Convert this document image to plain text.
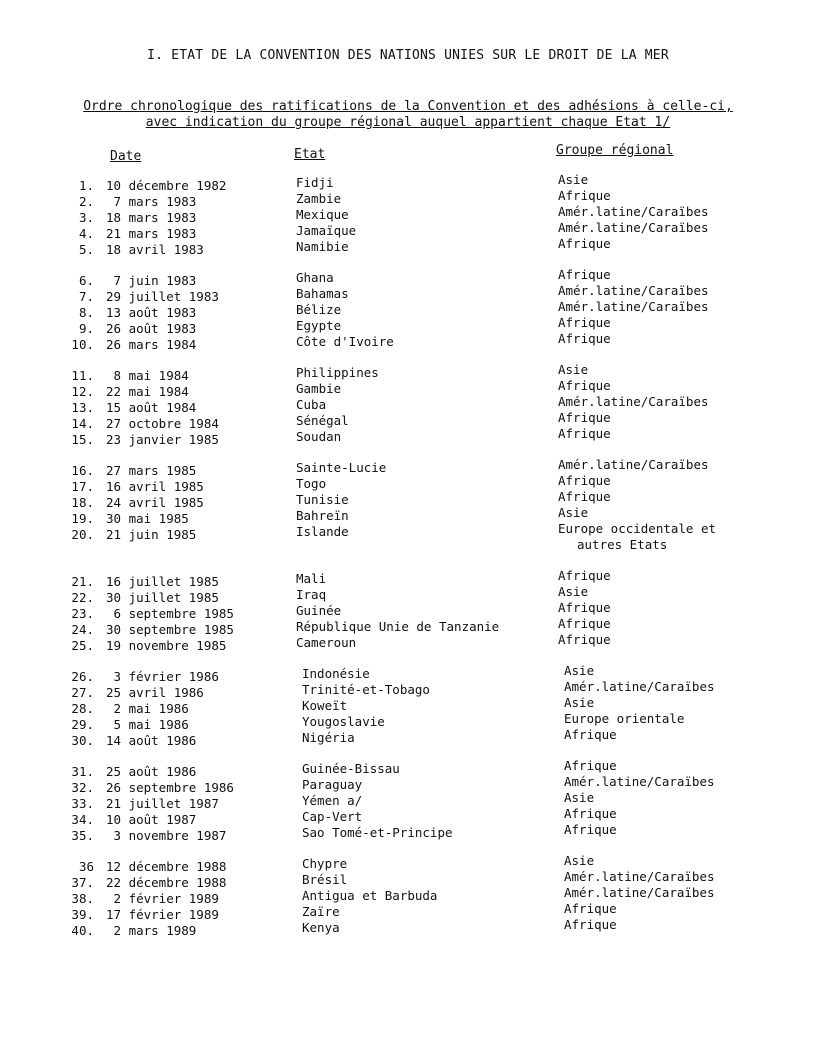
I. ETAT DE LA CONVENTION DES NATIONS UNIES SUR LE DROIT DE LA MER
Ordre chronologique des ratifications de la Convention et des adhésions à celle-ci,
avec indication du groupe régional auquel appartient chaque Etat 1/
Date	Etat	Groupe régional
1. 10 décembre 1982	Fidji	Asie
2. 7 mars 1983	Zambie	Afrique
3. 18 mars 1983	Mexique	Amér.latine/Caraïbes
4. 21 mars 1983	Jamaïque	Amér.latine/Caraïbes
5. 18 avril 1983	Namibie	Afrique
6. 7 juin 1983	Ghana	Afrique
7. 29 juillet 1983	Bahamas	Amér.latine/Caraïbes
8. 13 août 1983	Bélize	Amér.latine/Caraïbes
9. 26 août 1983	Egypte	Afrique
10. 26 mars 1984	Côte d'Ivoire	Afrique
11. 8 mai 1984	Philippines	Asie
12. 22 mai 1984	Gambie	Afrique
13. 15 août 1984	Cuba	Amér.latine/Caraïbes
14. 27 octobre 1984	Sénégal	Afrique
15. 23 janvier 1985	Soudan	Afrique
16. 27 mars 1985	Sainte-Lucie	Amér.latine/Caraïbes
17. 16 avril 1985	Togo	Afrique
18. 24 avril 1985	Tunisie	Afrique
19. 30 mai 1985	Bahreïn	Asie
20. 21 juin 1985	Islande	Europe occidentale et
autres Etats
21. 16 juillet 1985	Mali	Afrique
22. 30 juillet 1985	Iraq	Asie
23. 6 septembre 1985	Guinée	Afrique
24. 30 septembre 1985	République Unie de Tanzanie	Afrique
25. 19 novembre 1985	Cameroun	Afrique
26. 3 février 1986	Indonésie	Asie
27. 25 avril 1986	Trinité-et-Tobago	Amér.latine/Caraïbes
28. 2 mai 1986	Koweït	Asie
29. 5 mai 1986	Yougoslavie	Europe orientale
30. 14 août 1986	Nigéria	Afrique
31. 25 août 1986	Guinée-Bissau	Afrique
32. 26 septembre 1986	Paraguay	Amér.latine/Caraïbes
33. 21 juillet 1987	Yémen a/	Asie
34. 10 août 1987	Cap-Vert	Afrique
35. 3 novembre 1987	Sao Tomé-et-Principe	Afrique
36 12 décembre 1988	Chypre	Asie
37. 22 décembre 1988	Brésil	Amér.latine/Caraïbes
38. 2 février 1989	Antigua et Barbuda	Amér.latine/Caraïbes
39. 17 février 1989	Zaïre	Afrique
40. 2 mars 1989	Kenya	Afrique
